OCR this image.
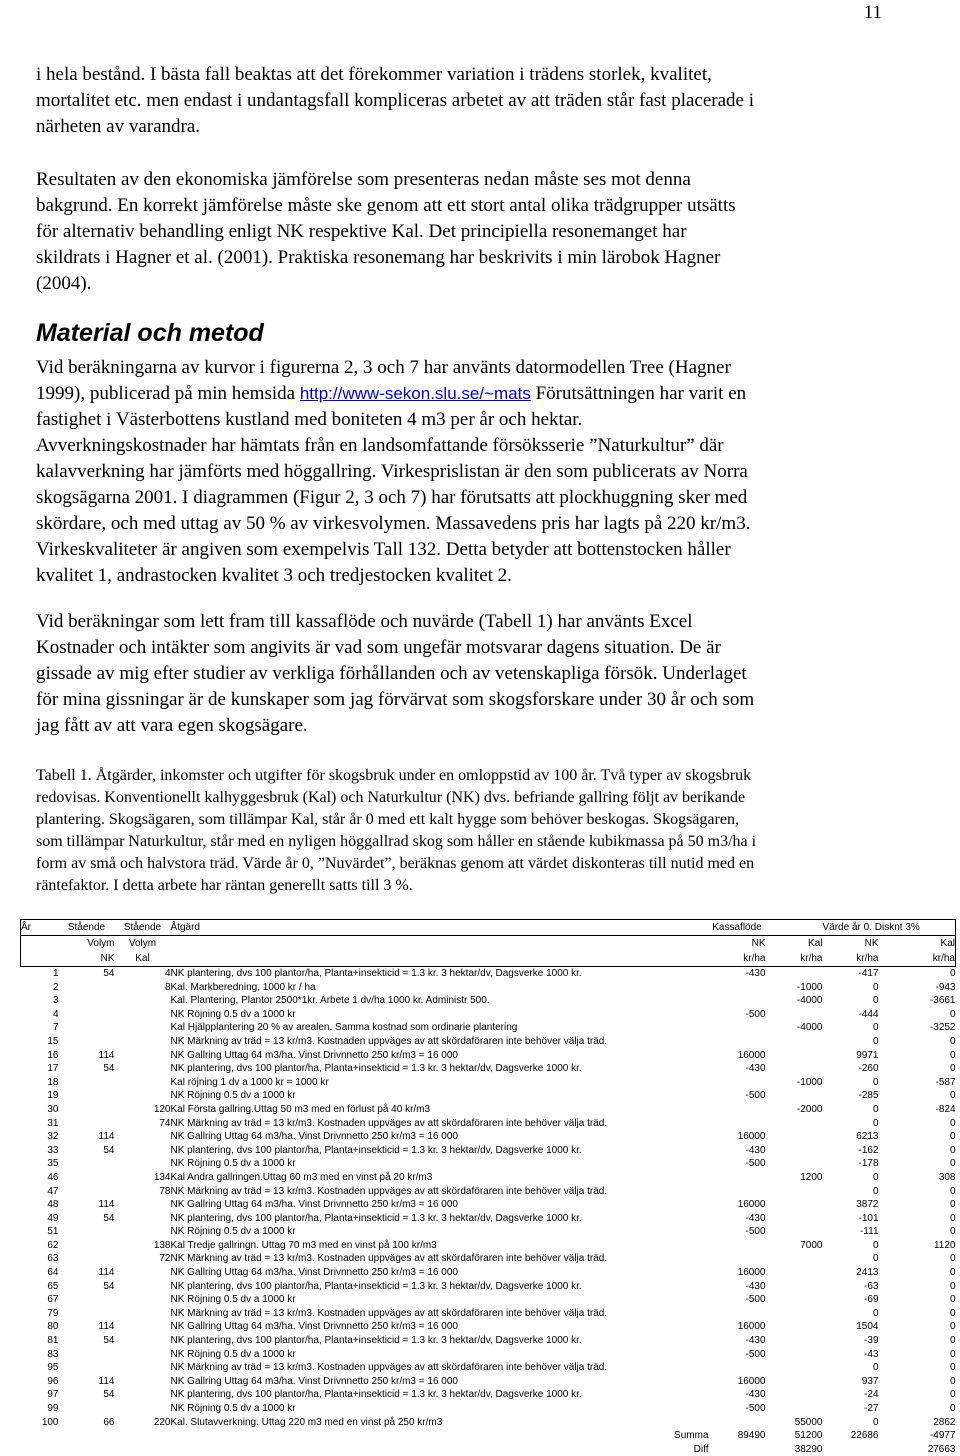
11
i hela bestånd. I bästa fall beaktas att det förekommer variation i trädens storlek, kvalitet,
mortalitet etc. men endast i undantagsfall kompliceras arbetet av att träden står fast placerade i
närheten av varandra.
Resultaten av den ekonomiska jämförelse som presenteras nedan måste ses mot denna
bakgrund. En korrekt jämförelse måste ske genom att ett stort antal olika trädgrupper utsätts
för alternativ behandling enligt NK respektive Kal. Det principiella resonemanget har
skildrats i Hagner et al. (2001). Praktiska resonemang har beskrivits i min lärobok Hagner
(2004).
Material och metod
Vid beräkningarna av kurvor i figurerna 2, 3 och 7 har använts datormodellen Tree (Hagner
1999), publicerad på min hemsida http://www-sekon.slu.se/~mats Förutsättningen har varit en
fastighet i Västerbottens kustland med boniteten 4 m3 per år och hektar.
Avverkningskostnader har hämtats från en landsomfattande försöksserie ”Naturkultur” där
kalavverkning har jämförts med höggallring. Virkesprislistan är den som publicerats av Norra
skogsägarna 2001. I diagrammen (Figur 2, 3 och 7) har förutsatts att plockhuggning sker med
skördare, och med uttag av 50 % av virkesvolymen. Massavedens pris har lagts på 220 kr/m3.
Virkeskvaliteter är angiven som exempelvis Tall 132. Detta betyder att bottenstocken håller
kvalitet 1, andrastocken kvalitet 3 och tredjestocken kvalitet 2.
Vid beräkningar som lett fram till kassaflöde och nuvärde (Tabell 1) har använts Excel
Kostnader och intäkter som angivits är vad som ungefär motsvarar dagens situation. De är
gissade av mig efter studier av verkliga förhållanden och av vetenskapliga försök. Underlaget
för mina gissningar är de kunskaper som jag förvärvat som skogsforskare under 30 år och som
jag fått av att vara egen skogsägare.
Tabell 1. Åtgärder, inkomster och utgifter för skogsbruk under en omloppstid av 100 år. Två typer av skogsbruk
redovisas. Konventionellt kalhyggesbruk (Kal) och Naturkultur (NK) dvs. befriande gallring följt av berikande
plantering. Skogsägaren, som tillämpar Kal, står år 0 med ett kalt hygge som behöver beskogas. Skogsägaren,
som tillämpar Naturkultur, står med en nyligen höggallrad skog som håller en stående kubikmassa på 50 m3/ha i
form av små och halvstora träd. Värde år 0, ”Nuvärdet”, beräknas genom att värdet diskonteras till nutid med en
räntefaktor. I detta arbete har räntan generellt satts till 3 %.
År	Stående	Stående	Åtgärd	Kassaflöde		Värde år 0. Disknt 3%	
	Volym	Volym		NK	Kal	NK	Kal
	NK	Kal		kr/ha	kr/ha	kr/ha	kr/ha
1	54	4	NK plantering, dvs 100 plantor/ha, Planta+insekticid = 1.3 kr. 3 hektar/dv, Dagsverke 1000 kr.	-430		-417	0
2		8	Kal. Markberedning, 1000 kr / ha		-1000	0	-943
3			Kal. Plantering, Plantor 2500*1kr. Arbete 1 dv/ha 1000 kr. Administr 500.		-4000	0	-3661
4			NK Röjning 0.5 dv a 1000 kr	-500		-444	0
7			Kal Hjälpplantering 20 % av arealen. Samma kostnad som ordinarie plantering		-4000	0	-3252
15			NK Märkning av träd = 13 kr/m3. Kostnaden uppväges av att skördaföraren inte behöver välja träd.			0	0
16	114		NK Gallring Uttag 64 m3/ha. Vinst Drivnnetto 250 kr/m3 = 16 000	16000		9971	0
17	54		NK plantering, dvs 100 plantor/ha, Planta+insekticid = 1.3 kr. 3 hektar/dv, Dagsverke 1000 kr.	-430		-260	0
18			Kal röjning 1 dv a 1000 kr = 1000 kr		-1000	0	-587
19			NK Röjning 0.5 dv a 1000 kr	-500		-285	0
30		120	Kal Första gallring.Uttag 50 m3 med en förlust på 40 kr/m3		-2000	0	-824
31		74	NK Märkning av träd = 13 kr/m3. Kostnaden uppväges av att skördaföraren inte behöver välja träd.			0	0
32	114		NK Gallring Uttag 64 m3/ha. Vinst Drivnnetto 250 kr/m3 = 16 000	16000		6213	0
33	54		NK plantering, dvs 100 plantor/ha, Planta+insekticid = 1.3 kr. 3 hektar/dv, Dagsverke 1000 kr.	-430		-162	0
35			NK Röjning 0.5 dv a 1000 kr	-500		-178	0
46		134	Kal Andra gallringen.Uttag 60 m3 med en vinst på 20 kr/m3		1200	0	308
47		78	NK Märkning av träd = 13 kr/m3. Kostnaden uppväges av att skördaföraren inte behöver välja träd.			0	0
48	114		NK Gallring Uttag 64 m3/ha. Vinst Drivnnetto 250 kr/m3 = 16 000	16000		3872	0
49	54		NK plantering, dvs 100 plantor/ha, Planta+insekticid = 1.3 kr. 3 hektar/dv, Dagsverke 1000 kr.	-430		-101	0
51			NK Röjning 0.5 dv a 1000 kr	-500		-111	0
62		138	Kal Tredje gallringn. Uttag 70 m3 med en vinst på 100 kr/m3		7000	0	1120
63		72	NK Märkning av träd = 13 kr/m3. Kostnaden uppväges av att skördaföraren inte behöver välja träd.			0	0
64	114		NK Gallring Uttag 64 m3/ha. Vinst Drivnnetto 250 kr/m3 = 16 000	16000		2413	0
65	54		NK plantering, dvs 100 plantor/ha, Planta+insekticid = 1.3 kr. 3 hektar/dv, Dagsverke 1000 kr.	-430		-63	0
67			NK Röjning 0.5 dv a 1000 kr	-500		-69	0
79			NK Märkning av träd = 13 kr/m3. Kostnaden uppväges av att skördaföraren inte behöver välja träd.			0	0
80	114		NK Gallring Uttag 64 m3/ha. Vinst Drivnnetto 250 kr/m3 = 16 000	16000		1504	0
81	54		NK plantering, dvs 100 plantor/ha, Planta+insekticid = 1.3 kr. 3 hektar/dv, Dagsverke 1000 kr.	-430		-39	0
83			NK Röjning 0.5 dv a 1000 kr	-500		-43	0
95			NK Märkning av träd = 13 kr/m3. Kostnaden uppväges av att skördaföraren inte behöver välja träd.			0	0
96	114		NK Gallring Uttag 64 m3/ha. Vinst Drivnnetto 250 kr/m3 = 16 000	16000		937	0
97	54		NK plantering, dvs 100 plantor/ha, Planta+insekticid = 1.3 kr. 3 hektar/dv, Dagsverke 1000 kr.	-430		-24	0
99			NK Röjning 0.5 dv a 1000 kr	-500		-27	0
100	66	220	Kal. Slutavverkning. Uttag 220 m3 med en vinst på 250 kr/m3		55000	0	2862
			Summa	89490	51200	22686	-4977
			Diff		38290		27663
